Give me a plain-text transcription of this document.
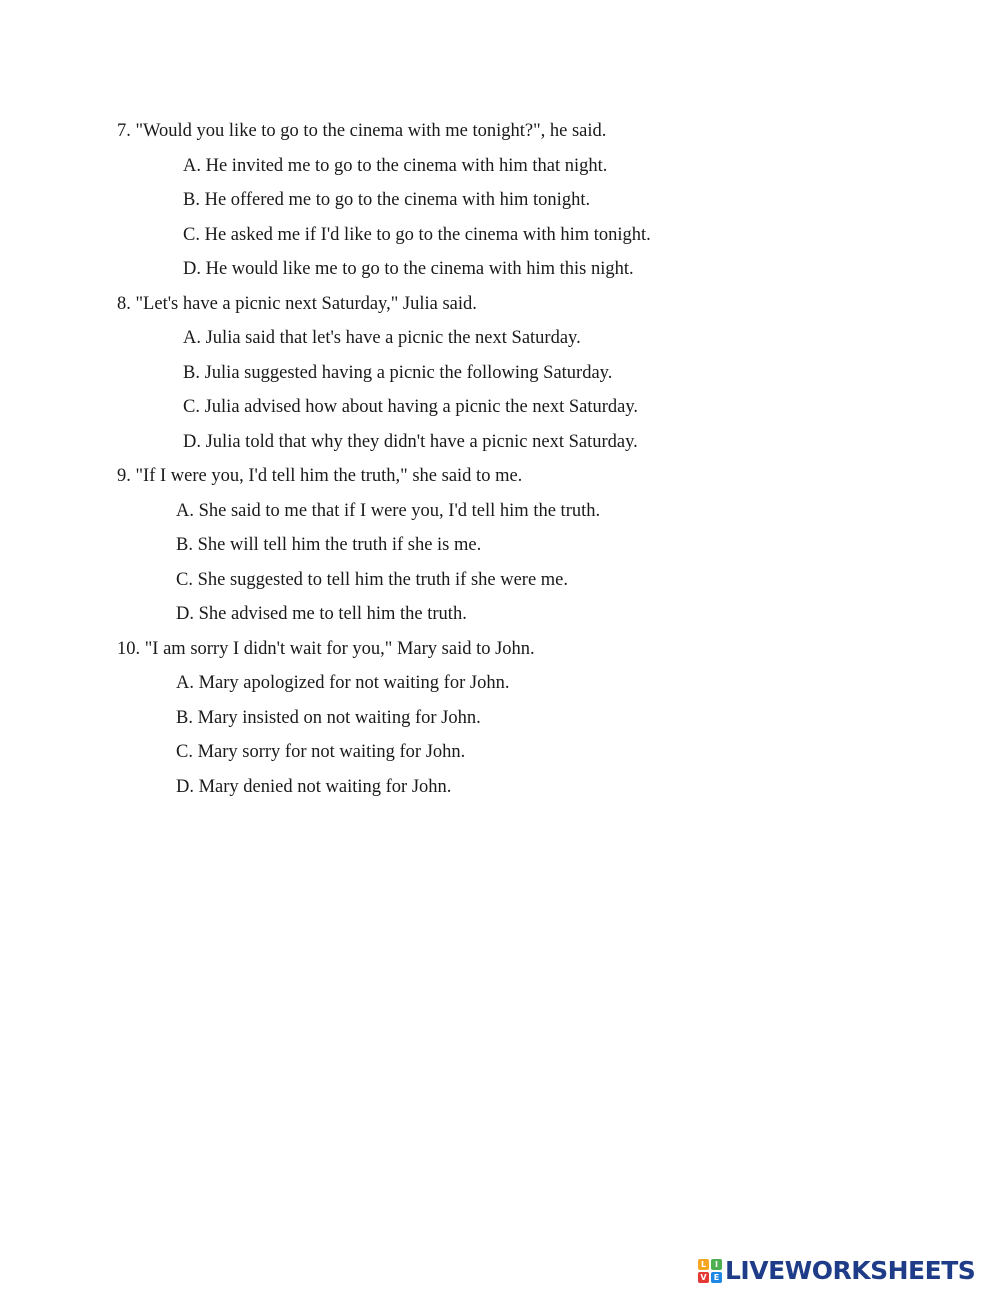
7. "Would you like to go to the cinema with me tonight?", he said.
A. He invited me to go to the cinema with him that night.
B. He offered me to go to the cinema with him tonight.
C. He asked me if I'd like to go to the cinema with him tonight.
D. He would like me to go to the cinema with him this night.
8. "Let's have a picnic next Saturday," Julia said.
A. Julia said that let's have a picnic the next Saturday.
B. Julia suggested having a picnic the following Saturday.
C. Julia advised how about having a picnic the next Saturday.
D. Julia told that why they didn't have a picnic next Saturday.
9. "If I were you, I'd tell him the truth," she said to me.
A. She said to me that if I were you, I'd tell him the truth.
B. She will tell him the truth if she is me.
C. She suggested to tell him the truth if she were me.
D. She advised me to tell him the truth.
10. "I am sorry I didn't wait for you," Mary said to John.
A. Mary apologized for not waiting for John.
B. Mary insisted on not waiting for John.
C. Mary sorry for not waiting for John.
D. Mary denied not waiting for John.
L	I
V E LIVEWORKSHEETS
